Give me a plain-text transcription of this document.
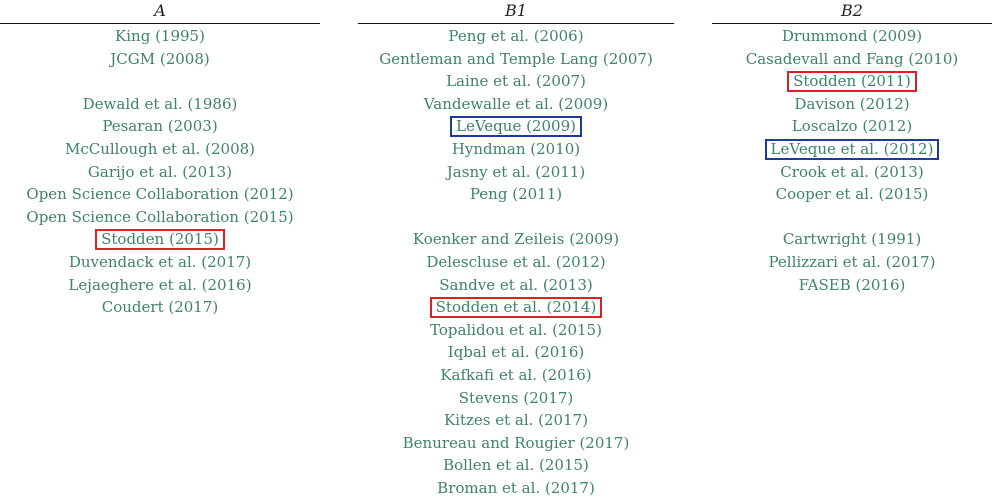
A
King (1995)
JCGM (2008)
Dewald et al. (1986)
Pesaran (2003)
McCullough et al. (2008)
Garijo et al. (2013)
Open Science Collaboration (2012)
Open Science Collaboration (2015)
Stodden (2015)
Duvendack et al. (2017)
Lejaeghere et al. (2016)
Coudert (2017)
B1
Peng et al. (2006)
Gentleman and Temple Lang (2007)
Laine et al. (2007)
Vandewalle et al. (2009)
LeVeque (2009)
Hyndman (2010)
Jasny et al. (2011)
Peng (2011)
Koenker and Zeileis (2009)
Delescluse et al. (2012)
Sandve et al. (2013)
Stodden et al. (2014)
Topalidou et al. (2015)
Iqbal et al. (2016)
Kafkafi et al. (2016)
Stevens (2017)
Kitzes et al. (2017)
Benureau and Rougier (2017)
Bollen et al. (2015)
Broman et al. (2017)
B2
Drummond (2009)
Casadevall and Fang (2010)
Stodden (2011)
Davison (2012)
Loscalzo (2012)
LeVeque et al. (2012)
Crook et al. (2013)
Cooper et al. (2015)
Cartwright (1991)
Pellizzari et al. (2017)
FASEB (2016)
